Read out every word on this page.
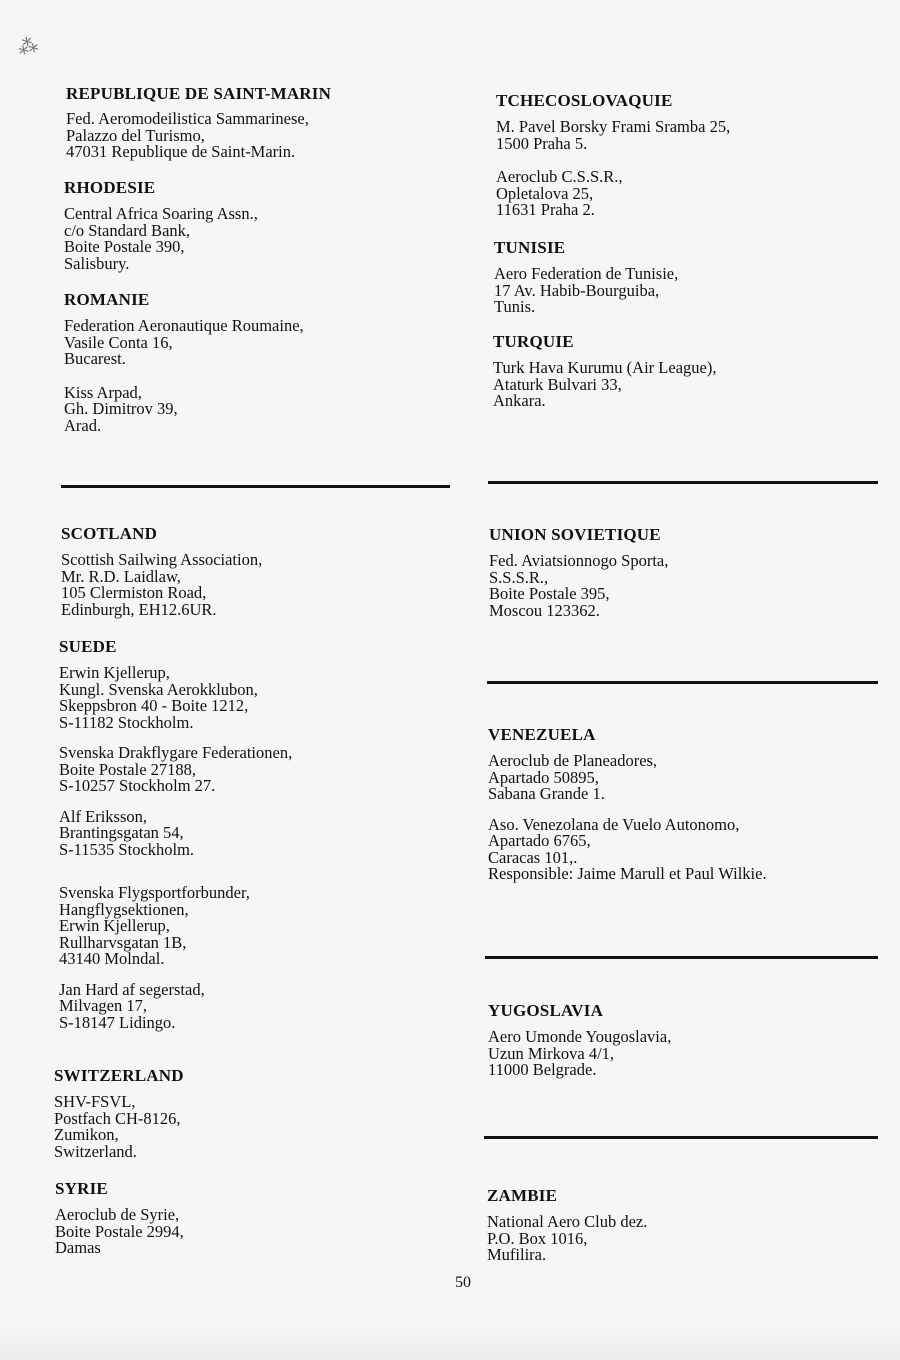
⁂

REPUBLIQUE DE SAINT-MARIN

Fed. Aeromodeilistica Sammarinese,
Palazzo del Turismo,
47031 Republique de Saint-Marin.

RHODESIE

Central Africa Soaring Assn.,
c/o Standard Bank,
Boite Postale 390,
Salisbury.

ROMANIE

Federation Aeronautique Roumaine,
Vasile Conta 16,
Bucarest.

Kiss Arpad,
Gh. Dimitrov 39,
Arad.

SCOTLAND

Scottish Sailwing Association,
Mr. R.D. Laidlaw,
105 Clermiston Road,
Edinburgh, EH12.6UR.

SUEDE

Erwin Kjellerup,
Kungl. Svenska Aerokklubon,
Skeppsbron 40 - Boite 1212,
S-11182 Stockholm.

Svenska Drakflygare Federationen,
Boite Postale 27188,
S-10257 Stockholm 27.

Alf Eriksson,
Brantingsgatan 54,
S-11535 Stockholm.

Svenska Flygsportforbunder,
Hangflygsektionen,
Erwin Kjellerup,
Rullharvsgatan 1B,
43140 Molndal.

Jan Hard af segerstad,
Milvagen 17,
S-18147 Lidingo.

SWITZERLAND

SHV-FSVL,
Postfach CH-8126,
Zumikon,
Switzerland.

SYRIE

Aeroclub de Syrie,
Boite Postale 2994,
Damas

TCHECOSLOVAQUIE

M. Pavel Borsky Frami Sramba 25,
1500 Praha 5.

Aeroclub C.S.S.R.,
Opletalova 25,
11631 Praha 2.

TUNISIE

Aero Federation de Tunisie,
17 Av. Habib-Bourguiba,
Tunis.

TURQUIE

Turk Hava Kurumu (Air League),
Ataturk Bulvari 33,
Ankara.

UNION SOVIETIQUE

Fed. Aviatsionnogo Sporta,
S.S.S.R.,
Boite Postale 395,
Moscou 123362.

VENEZUELA

Aeroclub de Planeadores,
Apartado 50895,
Sabana Grande 1.

Aso. Venezolana de Vuelo Autonomo,
Apartado 6765,
Caracas 101,.
Responsible: Jaime Marull et Paul Wilkie.

YUGOSLAVIA

Aero Umonde Yougoslavia,
Uzun Mirkova 4/1,
11000 Belgrade.

ZAMBIE

National Aero Club dez.
P.O. Box 1016,
Mufilira.

50
